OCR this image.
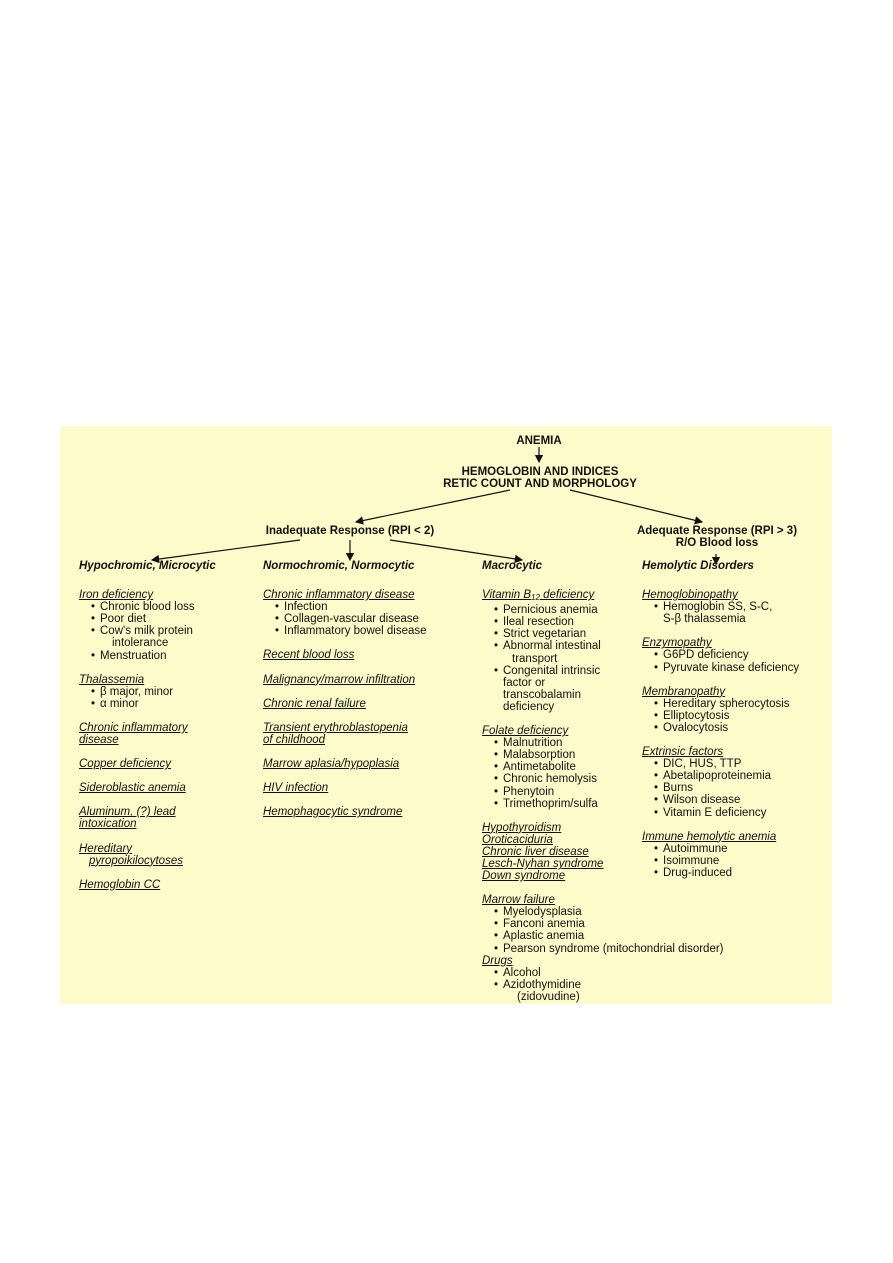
ANEMIA
HEMOGLOBIN AND INDICES
RETIC COUNT AND MORPHOLOGY
Inadequate Response (RPI < 2)	Adequate Response (RPI > 3)
R/O Blood loss
Hypochromic, Microcytic
Iron deficiency
• Chronic blood loss
• Poor diet
• Cow's milk protein
intolerance
• Menstruation
Thalassemia
• β major, minor
• α minor
Chronic inflammatory
disease
Copper deficiency
Sideroblastic anemia
Aluminum, (?) lead
intoxication
Hereditary
pyropoikilocytoses
Hemoglobin CC
Normochromic, Normocytic
Chronic inflammatory disease
• Infection
• Collagen-vascular disease
• Inflammatory bowel disease
Recent blood loss
Malignancy/marrow infiltration
Chronic renal failure
Transient erythroblastopenia
of childhood
Marrow aplasia/hypoplasia
HIV infection
Hemophagocytic syndrome
Macrocytic
Vitamin $B_{12}$ deficiency
• Pernicious anemia
• Ileal resection
• Strict vegetarian
• Abnormal intestinal
transport
• Congenital intrinsic
factor or
transcobalamin
deficiency
Folate deficiency
• Malnutrition
• Malabsorption
• Antimetabolite
• Chronic hemolysis
• Phenytoin
• Trimethoprim/sulfa
Hypothyroidism
Oroticaciduria
Chronic liver disease
Lesch-Nyhan syndrome
Down syndrome
Marrow failure
• Myelodysplasia
• Fanconi anemia
• Aplastic anemia
• Pearson syndrome (mitochondrial disorder)
Drugs
• Alcohol
• Azidothymidine
(zidovudine)
Hemolytic Disorders
Hemoglobinopathy
• Hemoglobin SS, S-C,
S-β thalassemia
Enzymopathy
• G6PD deficiency
• Pyruvate kinase deficiency
Membranopathy
• Hereditary spherocytosis
• Elliptocytosis
• Ovalocytosis
Extrinsic factors
• DIC, HUS, TTP
• Abetalipoproteinemia
• Burns
• Wilson disease
• Vitamin E deficiency
Immune hemolytic anemia
• Autoimmune
• Isoimmune
• Drug-induced
